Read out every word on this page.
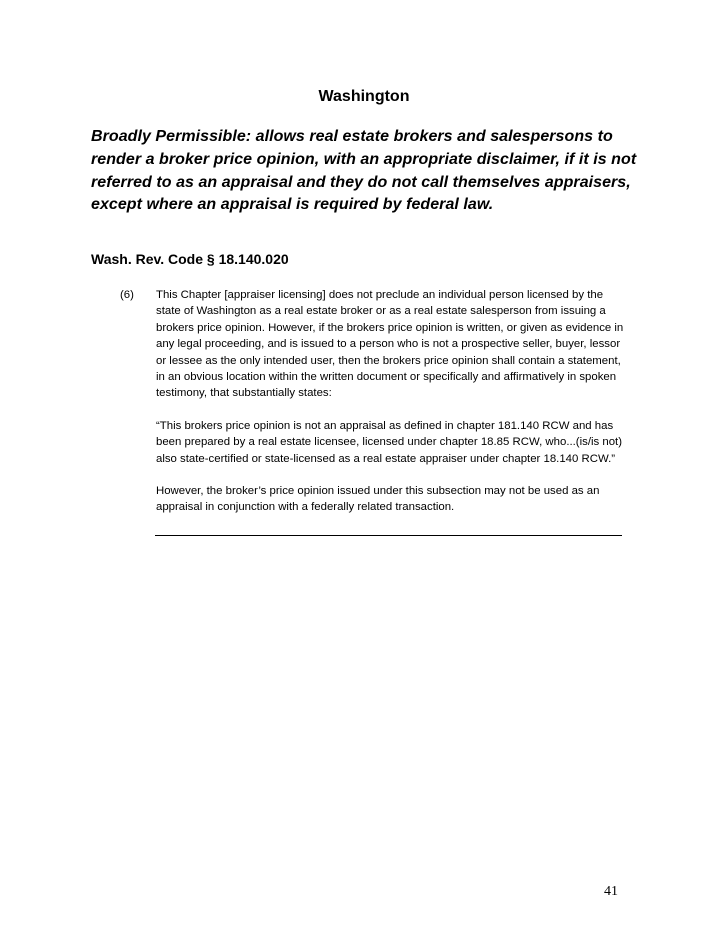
Washington

Broadly Permissible: allows real estate brokers and salespersons to render a broker price opinion, with an appropriate disclaimer, if it is not referred to as an appraisal and they do not call themselves appraisers, except where an appraisal is required by federal law.

Wash. Rev. Code § 18.140.020

(6) This Chapter [appraiser licensing] does not preclude an individual person licensed by the state of Washington as a real estate broker or as a real estate salesperson from issuing a brokers price opinion. However, if the brokers price opinion is written, or given as evidence in any legal proceeding, and is issued to a person who is not a prospective seller, buyer, lessor or lessee as the only intended user, then the brokers price opinion shall contain a statement, in an obvious location within the written document or specifically and affirmatively in spoken testimony, that substantially states:

“This brokers price opinion is not an appraisal as defined in chapter 181.140 RCW and has been prepared by a real estate licensee, licensed under chapter 18.85 RCW, who...(is/is not) also state-certified or state-licensed as a real estate appraiser under chapter 18.140 RCW.”

However, the broker’s price opinion issued under this subsection may not be used as an appraisal in conjunction with a federally related transaction.

41
